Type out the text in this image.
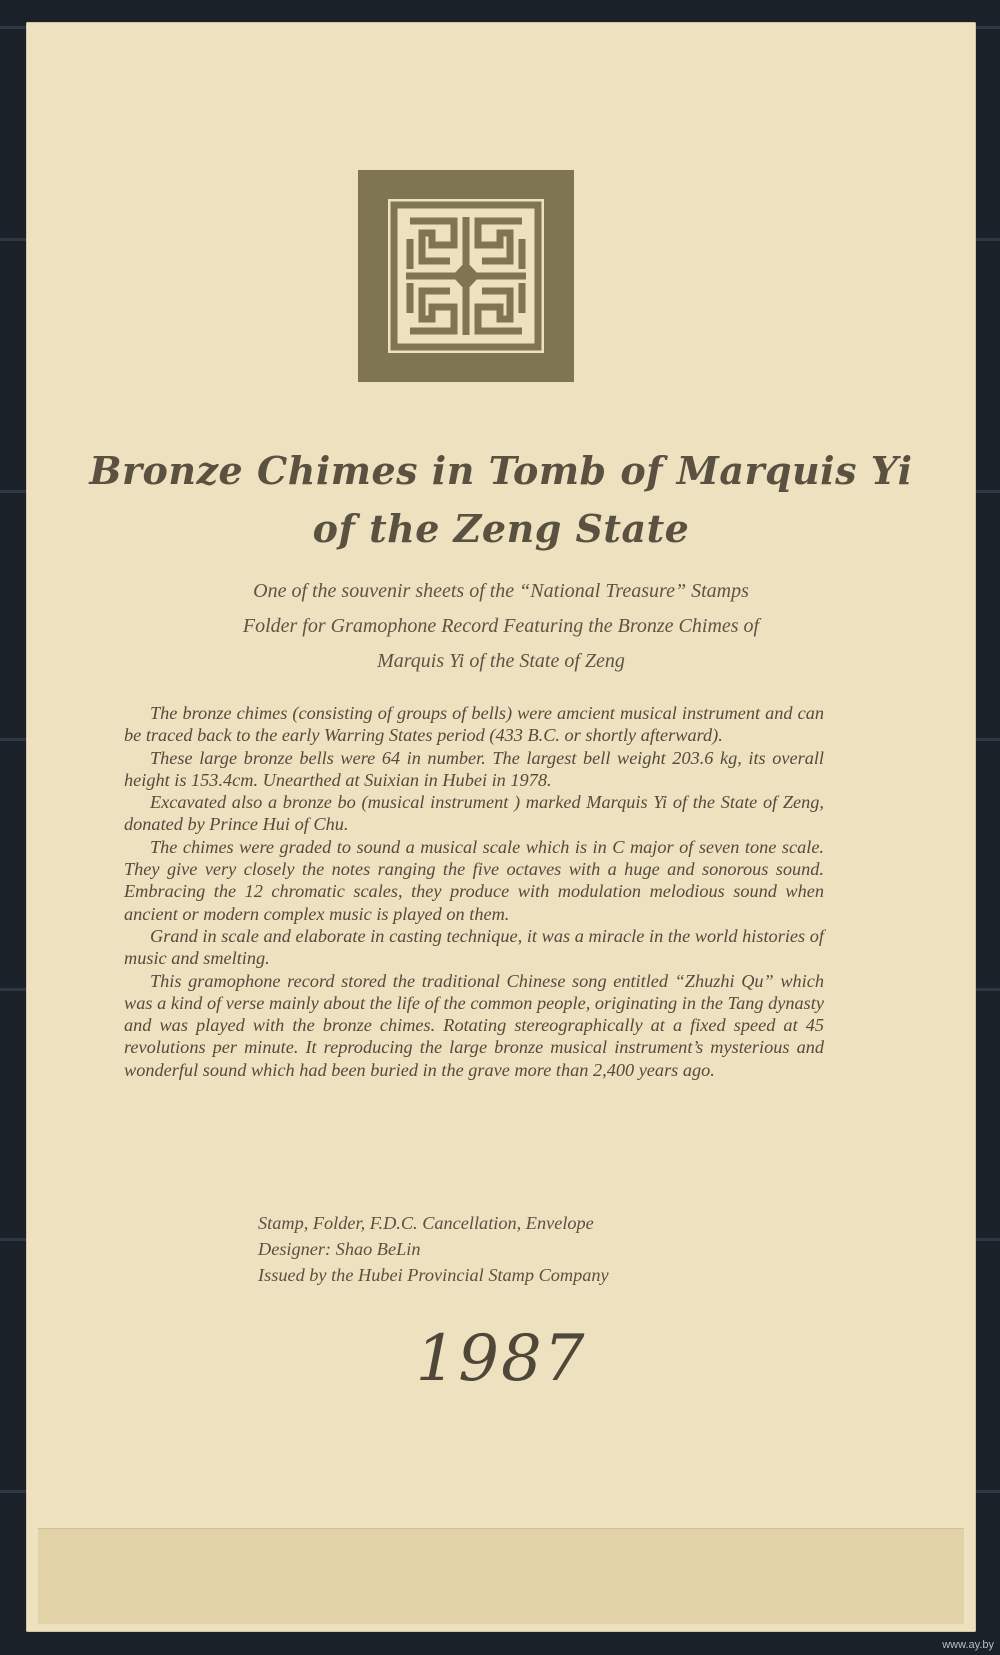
Bronze Chimes in Tomb of Marquis Yi
of the Zeng State
One of the souvenir sheets of the “National Treasure” Stamps
Folder for Gramophone Record Featuring the Bronze Chimes of
Marquis Yi of the State of Zeng

The bronze chimes (consisting of groups of bells) were amcient musical instrument and can be traced back to the early Warring States period (433 B.C. or shortly afterward).

These large bronze bells were 64 in number. The largest bell weight 203.6 kg, its overall height is 153.4cm. Unearthed at Suixian in Hubei in 1978.

Excavated also a bronze bo (musical instrument ) marked Marquis Yi of the State of Zeng, donated by Prince Hui of Chu.

The chimes were graded to sound a musical scale which is in C major of seven tone scale. They give very closely the notes ranging the five octaves with a huge and sonorous sound. Embracing the 12 chromatic scales, they produce with modulation melodious sound when ancient or modern complex music is played on them.

Grand in scale and elaborate in casting technique, it was a miracle in the world histories of music and smelting.

This gramophone record stored the traditional Chinese song entitled “Zhuzhi Qu” which was a kind of verse mainly about the life of the common people, originating in the Tang dynasty and was played with the bronze chimes. Rotating stereographically at a fixed speed at 45 revolutions per minute. It reproducing the large bronze musical instrument’s mysterious and wonderful sound which had been buried in the grave more than 2,400 years ago.

Stamp, Folder, F.D.C. Cancellation, Envelope
Designer: Shao BeLin
Issued by the Hubei Provincial Stamp Company
1987
www.ay.by
